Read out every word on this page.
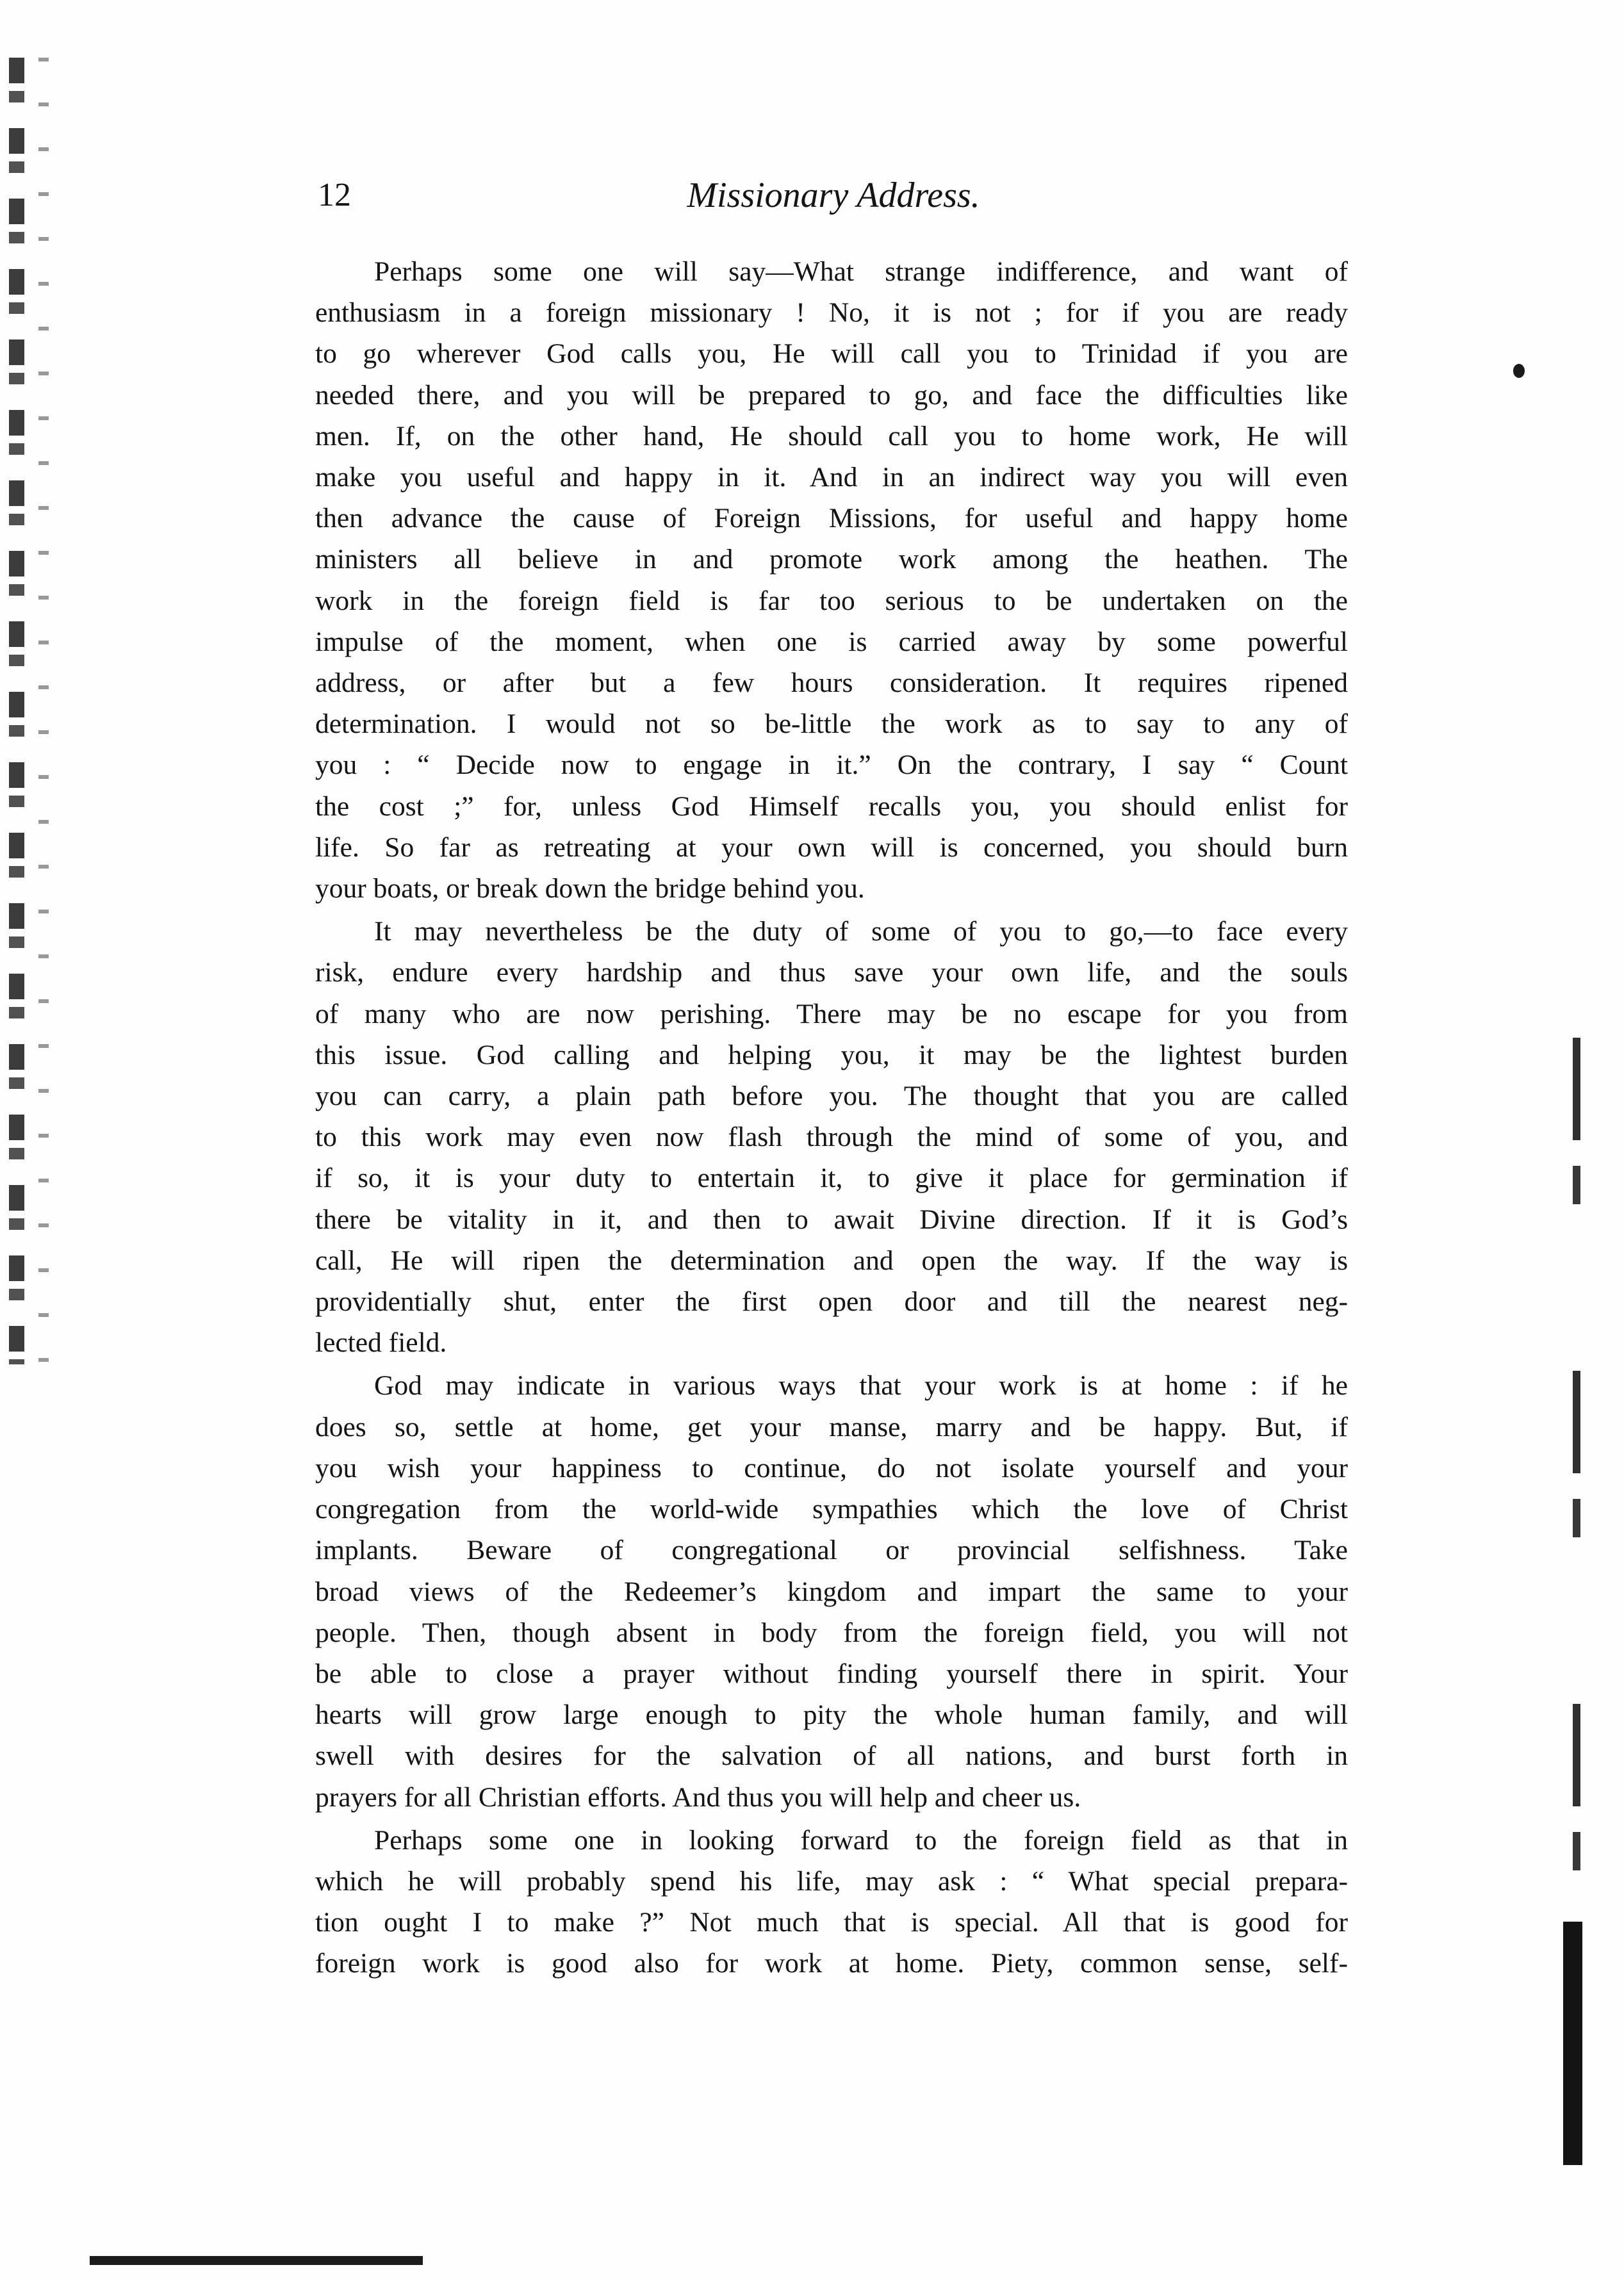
12	Missionary Address.
Perhaps some one will say—What strange indifference, and want of
enthusiasm in a foreign missionary ! No, it is not ; for if you are ready
to go wherever God calls you, He will call you to Trinidad if you are
needed there, and you will be prepared to go, and face the difficulties like
men. If, on the other hand, He should call you to home work, He will
make you useful and happy in it. And in an indirect way you will even
then advance the cause of Foreign Missions, for useful and happy home
ministers all believe in and promote work among the heathen. The
work in the foreign field is far too serious to be undertaken on the
impulse of the moment, when one is carried away by some powerful
address, or after but a few hours consideration. It requires ripened
determination. I would not so be-little the work as to say to any of
you : “ Decide now to engage in it.” On the contrary, I say “ Count
the cost ;” for, unless God Himself recalls you, you should enlist for
life. So far as retreating at your own will is concerned, you should burn
your boats, or break down the bridge behind you.
It may nevertheless be the duty of some of you to go,—to face every
risk, endure every hardship and thus save your own life, and the souls
of many who are now perishing. There may be no escape for you from
this issue. God calling and helping you, it may be the lightest burden
you can carry, a plain path before you. The thought that you are called
to this work may even now flash through the mind of some of you, and
if so, it is your duty to entertain it, to give it place for germination if
there be vitality in it, and then to await Divine direction. If it is God’s
call, He will ripen the determination and open the way. If the way is
providentially shut, enter the first open door and till the nearest neg-
lected field.
God may indicate in various ways that your work is at home : if he
does so, settle at home, get your manse, marry and be happy. But, if
you wish your happiness to continue, do not isolate yourself and your
congregation from the world-wide sympathies which the love of Christ
implants. Beware of congregational or provincial selfishness. Take
broad views of the Redeemer’s kingdom and impart the same to your
people. Then, though absent in body from the foreign field, you will not
be able to close a prayer without finding yourself there in spirit. Your
hearts will grow large enough to pity the whole human family, and will
swell with desires for the salvation of all nations, and burst forth in
prayers for all Christian efforts. And thus you will help and cheer us.
Perhaps some one in looking forward to the foreign field as that in
which he will probably spend his life, may ask : “ What special prepara-
tion ought I to make ?” Not much that is special. All that is good for
foreign work is good also for work at home. Piety, common sense, self-
